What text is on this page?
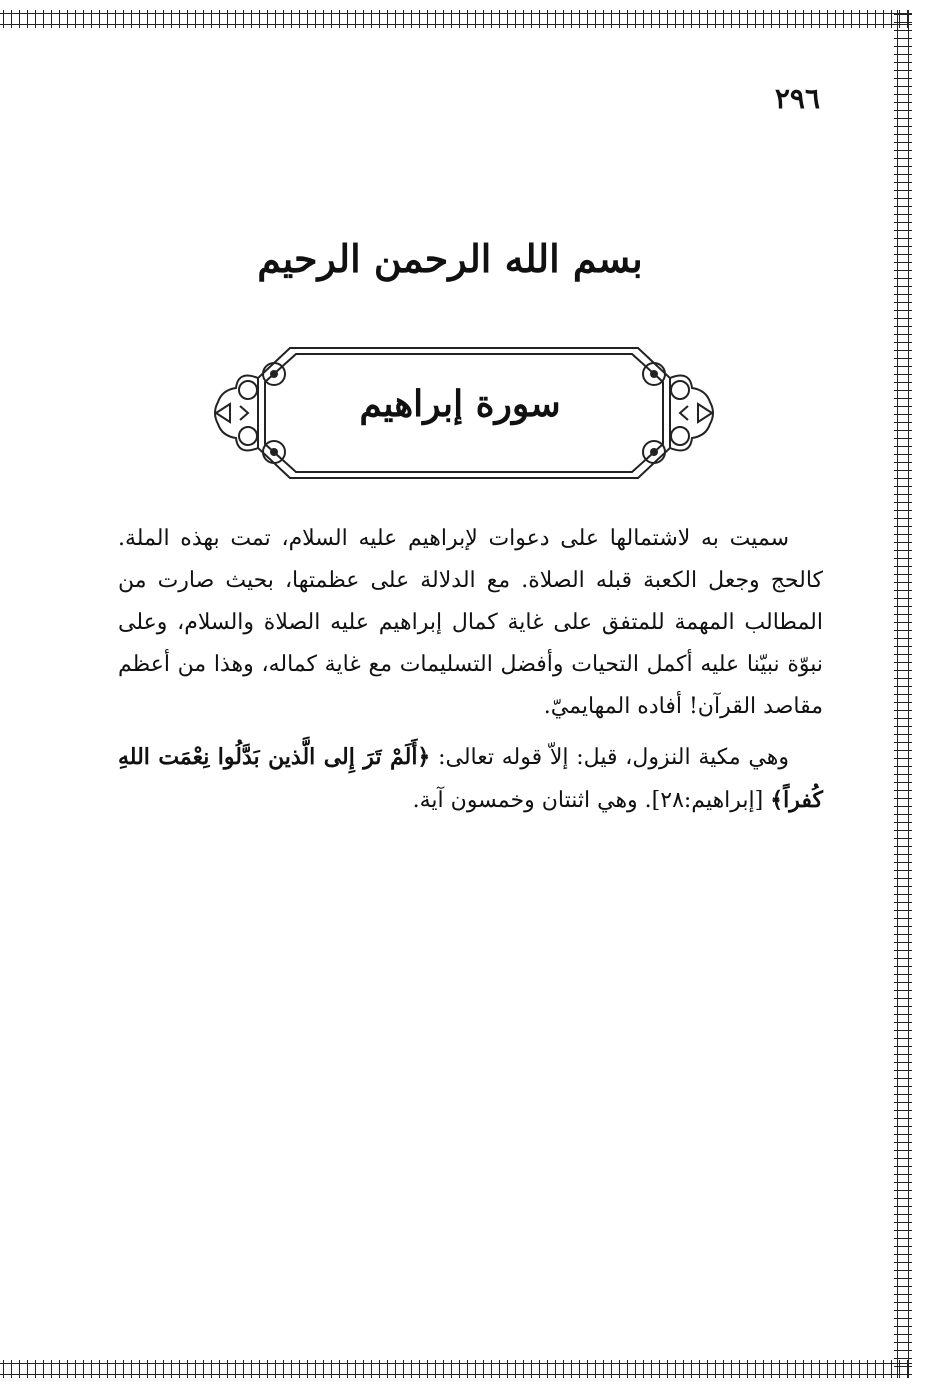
٢٩٦
بسم الله الرحمن الرحيم
سورة إبراهيم

سميت به لاشتمالها على دعوات لإبراهيم عليه السلام، تمت بهذه الملة. كالحج وجعل الكعبة قبله الصلاة. مع الدلالة على عظمتها، بحيث صارت من المطالب المهمة للمتفق على غاية كمال إبراهيم عليه الصلاة والسلام، وعلى نبوّة نبيّنا عليه أكمل التحيات وأفضل التسليمات مع غاية كماله، وهذا من أعظم مقاصد القرآن! أفاده المهايميّ.

وهي مكية النزول، قيل: إلاّ قوله تعالى: ﴿أَلَمْ تَرَ إِلى الَّذين بَدَّلُوا نِعْمَت اللهِ كُفراً﴾ [إبراهيم:٢٨]. وهي اثنتان وخمسون آية.
